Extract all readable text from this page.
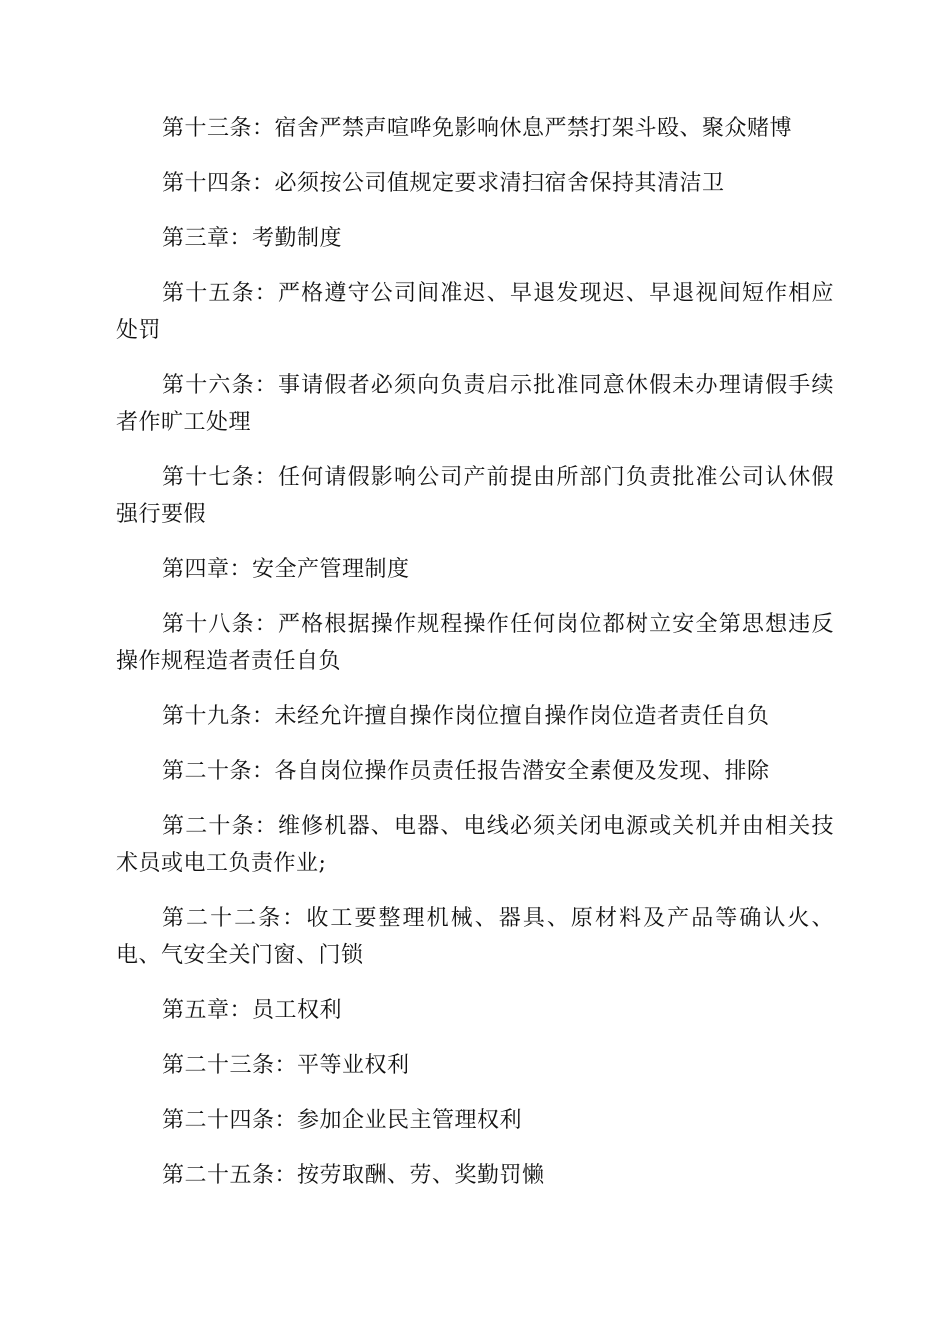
第十三条：宿舍严禁声喧哗免影响休息严禁打架斗殴、聚众赌博

第十四条：必须按公司值规定要求清扫宿舍保持其清洁卫

第三章：考勤制度

第十五条：严格遵守公司间准迟、早退发现迟、早退视间短作相应处罚

第十六条：事请假者必须向负责启示批准同意休假未办理请假手续者作旷工处理

第十七条：任何请假影响公司产前提由所部门负责批准公司认休假强行要假

第四章：安全产管理制度

第十八条：严格根据操作规程操作任何岗位都树立安全第思想违反操作规程造者责任自负

第十九条：未经允许擅自操作岗位擅自操作岗位造者责任自负

第二十条：各自岗位操作员责任报告潜安全素便及发现、排除

第二十条：维修机器、电器、电线必须关闭电源或关机并由相关技术员或电工负责作业;

第二十二条：收工要整理机械、器具、原材料及产品等确认火、电、气安全关门窗、门锁

第五章：员工权利

第二十三条：平等业权利

第二十四条：参加企业民主管理权利

第二十五条：按劳取酬、劳、奖勤罚懒
